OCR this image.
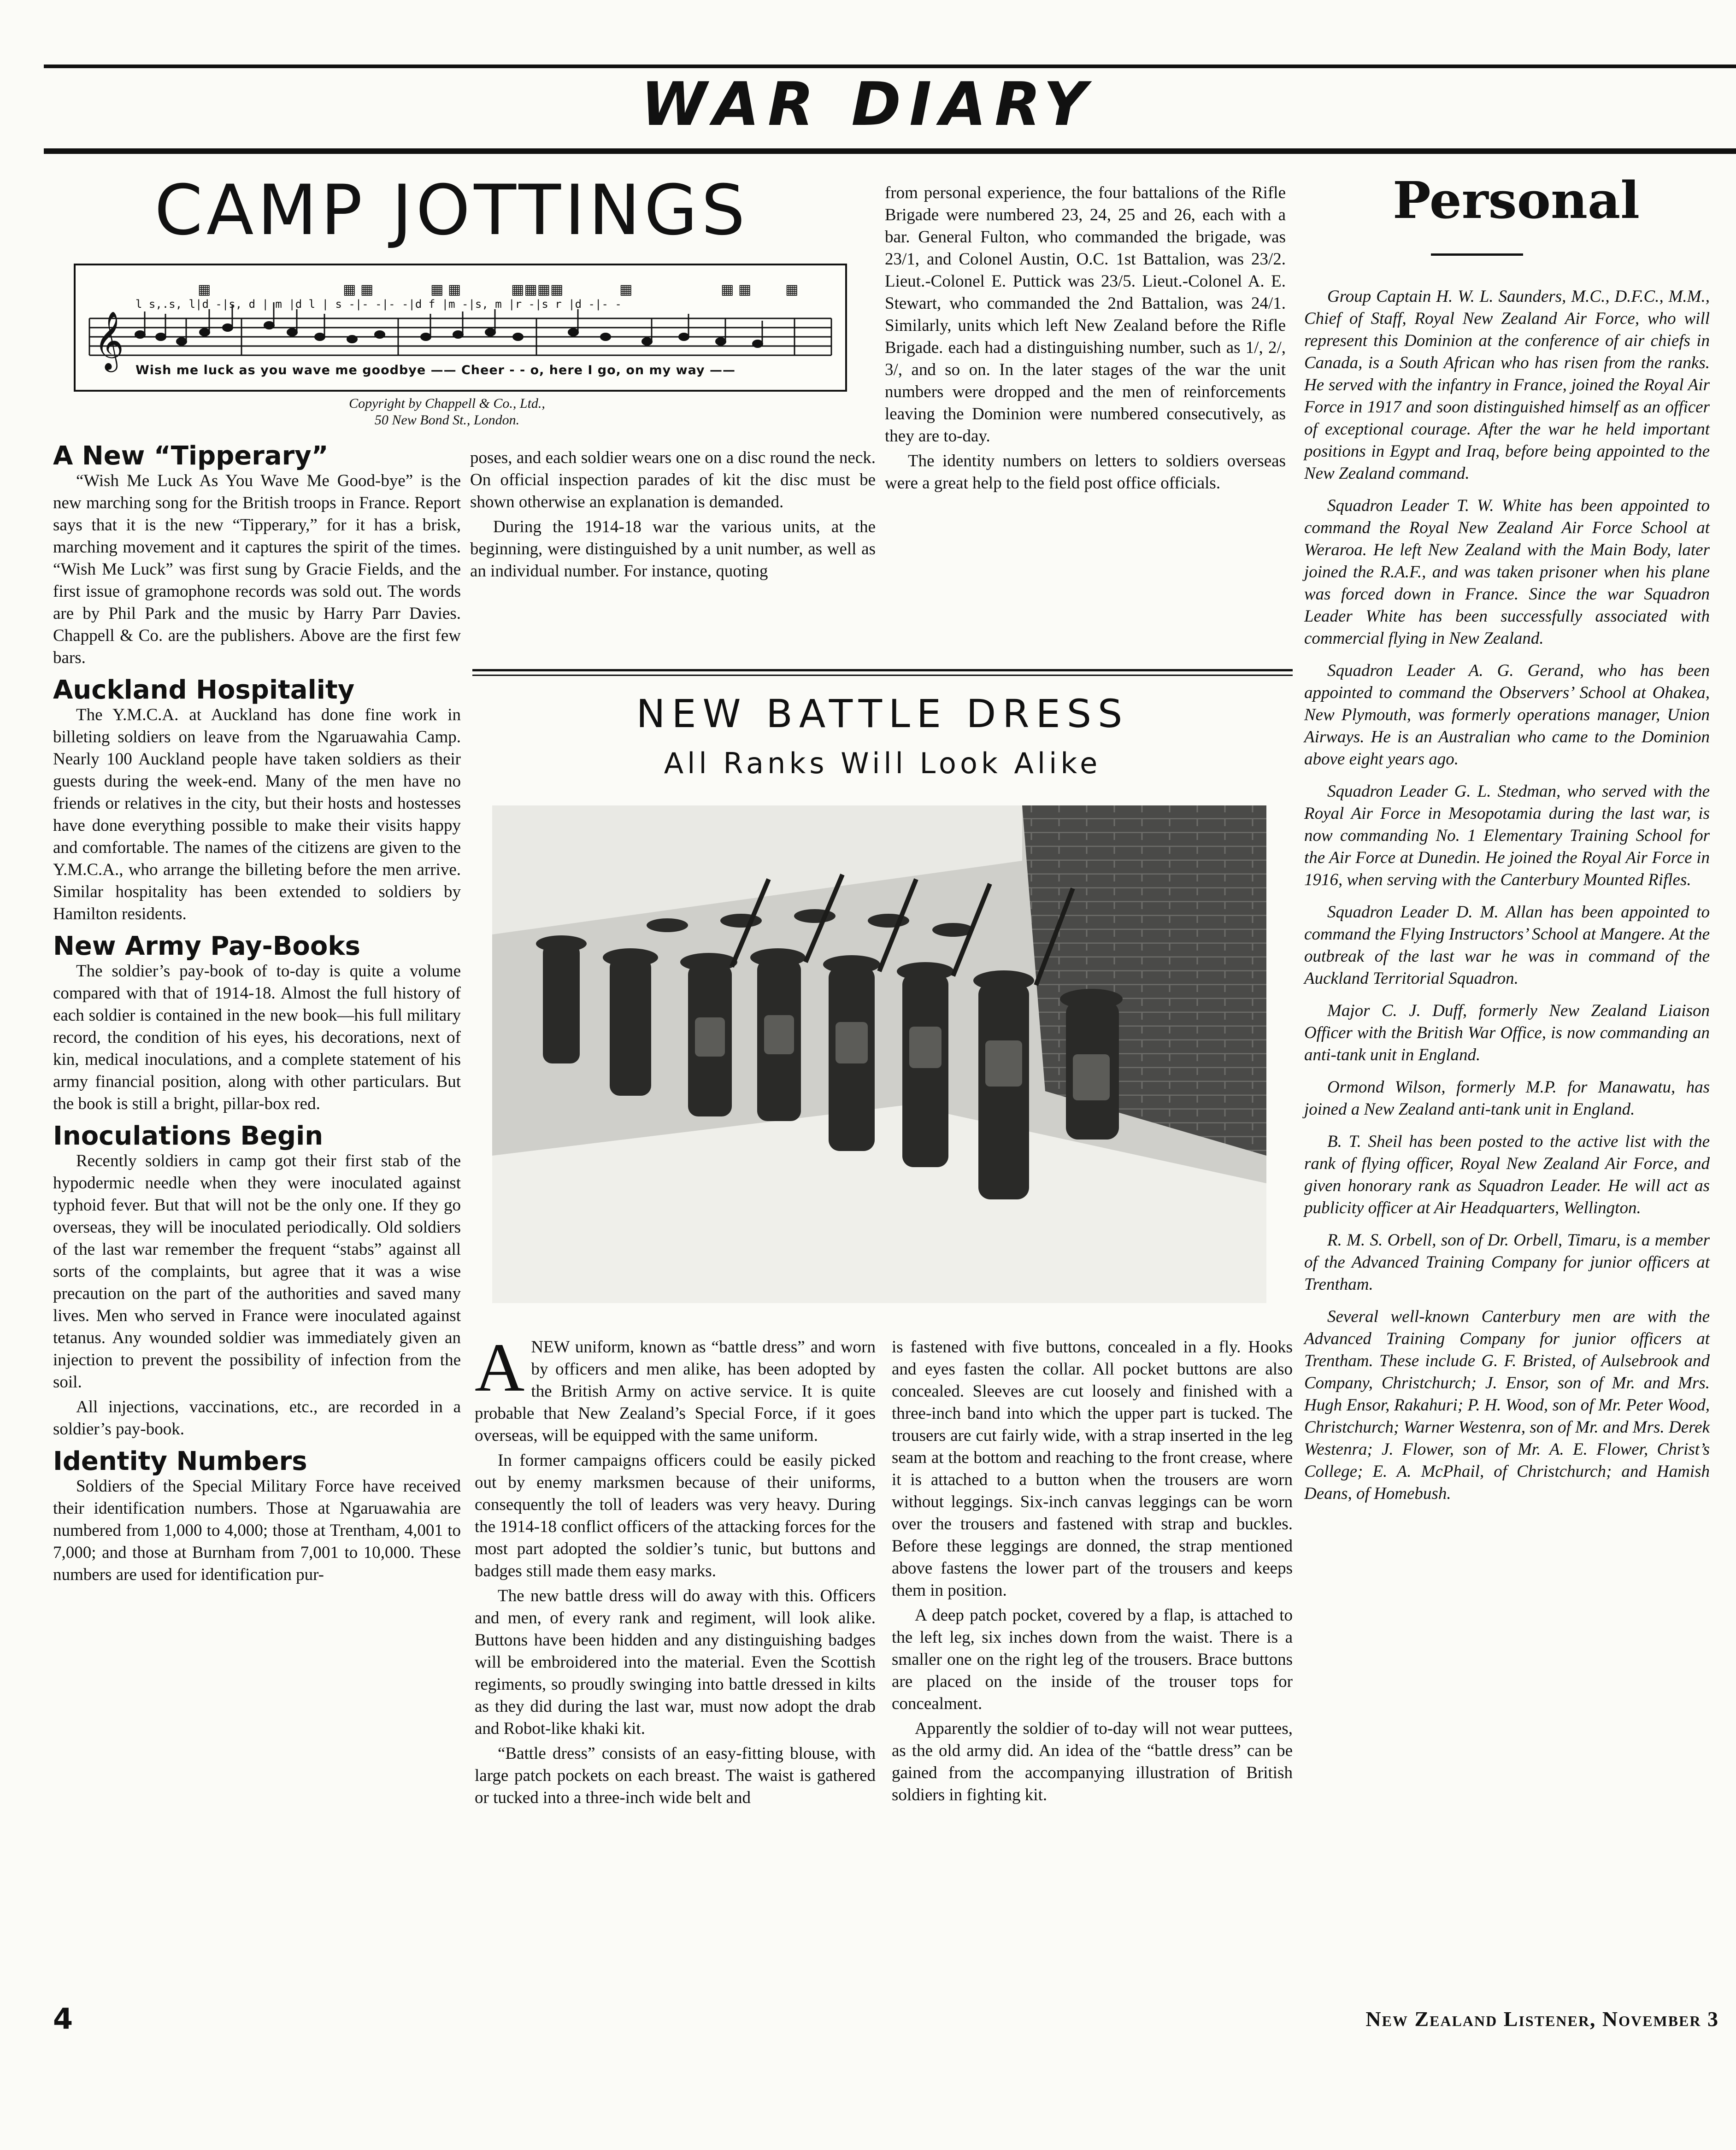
WAR DIARY
CAMP JOTTINGS
𝄞
▦	▦ ▦	▦ ▦	▦▦▦▦	▦	▦ ▦ ▦
l s,.s, l|d -|s, d | m |d l | s -|- -|- -|d f |m -|s, m |r -|s r |d -|- -
Wish me luck as you wave me goodbye —— Cheer - - o, here I go, on my way ——
Copyright by Chappell & Co., Ltd.,
50 New Bond St., London.
A New “Tipperary”

“Wish Me Luck As You Wave Me Good-bye” is the new marching song for the British troops in France. Report says that it is the new “Tipperary,” for it has a brisk, marching movement and it captures the spirit of the times. “Wish Me Luck” was first sung by Gracie Fields, and the first issue of gramophone records was sold out. The words are by Phil Park and the music by Harry Parr Davies. Chappell & Co. are the publishers. Above are the first few bars.

Auckland Hospitality

The Y.M.C.A. at Auckland has done fine work in billeting soldiers on leave from the Ngaruawahia Camp. Nearly 100 Auckland people have taken soldiers as their guests during the week-end. Many of the men have no friends or relatives in the city, but their hosts and hostesses have done everything possible to make their visits happy and comfortable. The names of the citizens are given to the Y.M.C.A., who arrange the billeting before the men arrive. Similar hospitality has been extended to soldiers by Hamilton residents.

New Army Pay-Books

The soldier’s pay-book of to-day is quite a volume compared with that of 1914-18. Almost the full history of each soldier is contained in the new book—his full military record, the condition of his eyes, his decorations, next of kin, medical inoculations, and a complete statement of his army financial position, along with other particulars. But the book is still a bright, pillar-box red.

Inoculations Begin

Recently soldiers in camp got their first stab of the hypodermic needle when they were inoculated against typhoid fever. But that will not be the only one. If they go overseas, they will be inoculated periodically. Old soldiers of the last war remember the frequent “stabs” against all sorts of the complaints, but agree that it was a wise precaution on the part of the authorities and saved many lives. Men who served in France were inoculated against tetanus. Any wounded soldier was immediately given an injection to prevent the possibility of infection from the soil.

All injections, vaccinations, etc., are recorded in a soldier’s pay-book.

Identity Numbers

Soldiers of the Special Military Force have received their identification numbers. Those at Ngaruawahia are numbered from 1,000 to 4,000; those at Trentham, 4,001 to 7,000; and those at Burnham from 7,001 to 10,000. These numbers are used for identification pur-

poses, and each soldier wears one on a disc round the neck. On official inspection parades of kit the disc must be shown otherwise an explanation is demanded.

During the 1914-18 war the various units, at the beginning, were distinguished by a unit number, as well as an individual number. For instance, quoting

from personal experience, the four battalions of the Rifle Brigade were numbered 23, 24, 25 and 26, each with a bar. General Fulton, who commanded the brigade, was 23/1, and Colonel Austin, O.C. 1st Battalion, was 23/2. Lieut.-Colonel E. Puttick was 23/5. Lieut.-Colonel A. E. Stewart, who commanded the 2nd Battalion, was 24/1. Similarly, units which left New Zealand before the Rifle Brigade. each had a distinguishing number, such as 1/, 2/, 3/, and so on. In the later stages of the war the unit numbers were dropped and the men of reinforcements leaving the Dominion were numbered consecutively, as they are to-day.

The identity numbers on letters to soldiers overseas were a great help to the field post office officials.

NEW BATTLE DRESS
All Ranks Will Look Alike
A NEW uniform, known as “battle dress” and worn by officers and men alike, has been adopted by the British Army on active service. It is quite probable that New Zealand’s Special Force, if it goes overseas, will be equipped with the same uniform.

In former campaigns officers could be easily picked out by enemy marksmen because of their uniforms, consequently the toll of leaders was very heavy. During the 1914-18 conflict officers of the attacking forces for the most part adopted the soldier’s tunic, but buttons and badges still made them easy marks.

The new battle dress will do away with this. Officers and men, of every rank and regiment, will look alike. Buttons have been hidden and any distinguishing badges will be embroidered into the material. Even the Scottish regiments, so proudly swinging into battle dressed in kilts as they did during the last war, must now adopt the drab and Robot-like khaki kit.

“Battle dress” consists of an easy-fitting blouse, with large patch pockets on each breast. The waist is gathered or tucked into a three-inch wide belt and

is fastened with five buttons, concealed in a fly. Hooks and eyes fasten the collar. All pocket buttons are also concealed. Sleeves are cut loosely and finished with a three-inch band into which the upper part is tucked. The trousers are cut fairly wide, with a strap inserted in the leg seam at the bottom and reaching to the front crease, where it is attached to a button when the trousers are worn without leggings. Six-inch canvas leggings can be worn over the trousers and fastened with strap and buckles. Before these leggings are donned, the strap mentioned above fastens the lower part of the trousers and keeps them in position.

A deep patch pocket, covered by a flap, is attached to the left leg, six inches down from the waist. There is a smaller one on the right leg of the trousers. Brace buttons are placed on the inside of the trouser tops for concealment.

Apparently the soldier of to-day will not wear puttees, as the old army did. An idea of the “battle dress” can be gained from the accompanying illustration of British soldiers in fighting kit.

Personal

Group Captain H. W. L. Saunders, M.C., D.F.C., M.M., Chief of Staff, Royal New Zealand Air Force, who will represent this Dominion at the conference of air chiefs in Canada, is a South African who has risen from the ranks. He served with the infantry in France, joined the Royal Air Force in 1917 and soon distinguished himself as an officer of exceptional courage. After the war he held important positions in Egypt and Iraq, before being appointed to the New Zealand command.

Squadron Leader T. W. White has been appointed to command the Royal New Zealand Air Force School at Weraroa. He left New Zealand with the Main Body, later joined the R.A.F., and was taken prisoner when his plane was forced down in France. Since the war Squadron Leader White has been successfully associated with commercial flying in New Zealand.

Squadron Leader A. G. Gerand, who has been appointed to command the Observers’ School at Ohakea, New Plymouth, was formerly operations manager, Union Airways. He is an Australian who came to the Dominion above eight years ago.

Squadron Leader G. L. Stedman, who served with the Royal Air Force in Mesopotamia during the last war, is now commanding No. 1 Elementary Training School for the Air Force at Dunedin. He joined the Royal Air Force in 1916, when serving with the Canterbury Mounted Rifles.

Squadron Leader D. M. Allan has been appointed to command the Flying Instructors’ School at Mangere. At the outbreak of the last war he was in command of the Auckland Territorial Squadron.

Major C. J. Duff, formerly New Zealand Liaison Officer with the British War Office, is now commanding an anti-tank unit in England.

Ormond Wilson, formerly M.P. for Manawatu, has joined a New Zealand anti-tank unit in England.

B. T. Sheil has been posted to the active list with the rank of flying officer, Royal New Zealand Air Force, and given honorary rank as Squadron Leader. He will act as publicity officer at Air Headquarters, Wellington.

R. M. S. Orbell, son of Dr. Orbell, Timaru, is a member of the Advanced Training Company for junior officers at Trentham.

Several well-known Canterbury men are with the Advanced Training Company for junior officers at Trentham. These include G. F. Bristed, of Aulsebrook and Company, Christchurch; J. Ensor, son of Mr. and Mrs. Hugh Ensor, Rakahuri; P. H. Wood, son of Mr. Peter Wood, Christchurch; Warner Westenra, son of Mr. and Mrs. Derek Westenra; J. Flower, son of Mr. A. E. Flower, Christ’s College; E. A. McPhail, of Christchurch; and Hamish Deans, of Homebush.

4	New Zealand Listener, November 3
